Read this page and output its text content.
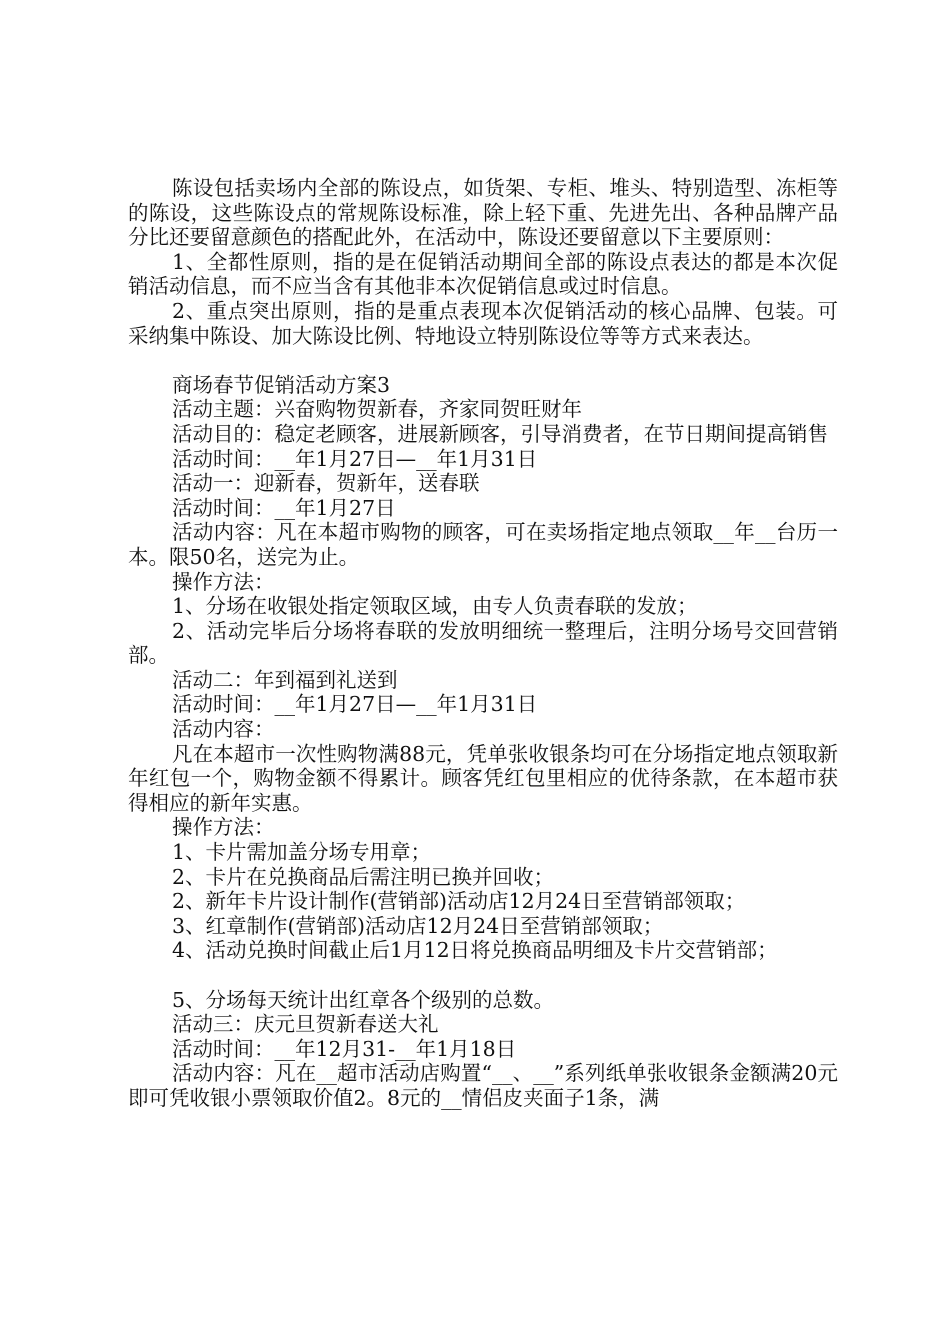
陈设包括卖场内全部的陈设点，如货架、专柜、堆头、特别造型、冻柜等的陈设，这些陈设点的常规陈设标准，除上轻下重、先进先出、各种品牌产品分比还要留意颜色的搭配此外，在活动中，陈设还要留意以下主要原则：

1、全都性原则，指的是在促销活动期间全部的陈设点表达的都是本次促销活动信息，而不应当含有其他非本次促销信息或过时信息。

2、重点突出原则，指的是重点表现本次促销活动的核心品牌、包装。可采纳集中陈设、加大陈设比例、特地设立特别陈设位等等方式来表达。

商场春节促销活动方案3

活动主题：兴奋购物贺新春，齐家同贺旺财年

活动目的：稳定老顾客，进展新顾客，引导消费者，在节日期间提高销售

活动时间：__年1月27日—__年1月31日

活动一：迎新春，贺新年，送春联

活动时间：__年1月27日

活动内容：凡在本超市购物的顾客，可在卖场指定地点领取__年__台历一本。限50名，送完为止。

操作方法：

1、分场在收银处指定领取区域，由专人负责春联的发放；

2、活动完毕后分场将春联的发放明细统一整理后，注明分场号交回营销部。

活动二：年到福到礼送到

活动时间：__年1月27日—__年1月31日

活动内容：

凡在本超市一次性购物满88元，凭单张收银条均可在分场指定地点领取新年红包一个，购物金额不得累计。顾客凭红包里相应的优待条款，在本超市获得相应的新年实惠。

操作方法：

1、卡片需加盖分场专用章；

2、卡片在兑换商品后需注明已换并回收；

2、新年卡片设计制作(营销部)活动店12月24日至营销部领取；

3、红章制作(营销部)活动店12月24日至营销部领取；

4、活动兑换时间截止后1月12日将兑换商品明细及卡片交营销部；

5、分场每天统计出红章各个级别的总数。

活动三：庆元旦贺新春送大礼

活动时间：__年12月31-__年1月18日

活动内容：凡在__超市活动店购置“__、__”系列纸单张收银条金额满20元即可凭收银小票领取价值2。8元的__情侣皮夹面子1条，满
